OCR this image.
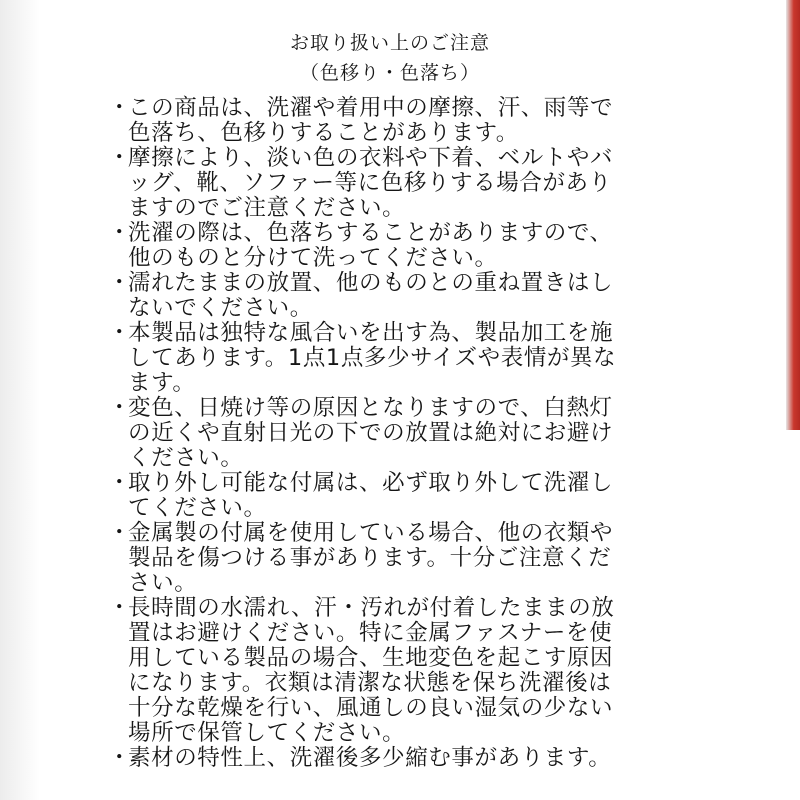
お取り扱い上のご注意
（色移り・色落ち）
・
この商品は、洗濯や着用中の摩擦、汗、雨等で
色落ち、色移りすることがあります。
・
摩擦により、淡い色の衣料や下着、ベルトやバ
ッグ、靴、ソファー等に色移りする場合があり
ますのでご注意ください。
・
洗濯の際は、色落ちすることがありますので、
他のものと分けて洗ってください。
・
濡れたままの放置、他のものとの重ね置きはし
ないでください。
・
本製品は独特な風合いを出す為、製品加工を施
してあります。1点1点多少サイズや表情が異な
ます。
・
変色、日焼け等の原因となりますので、白熱灯
の近くや直射日光の下での放置は絶対にお避け
ください。
・
取り外し可能な付属は、必ず取り外して洗濯し
てください。
・
金属製の付属を使用している場合、他の衣類や
製品を傷つける事があります。十分ご注意くだ
さい。
・
長時間の水濡れ、汗・汚れが付着したままの放
置はお避けください。特に金属ファスナーを使
用している製品の場合、生地変色を起こす原因
になります。衣類は清潔な状態を保ち洗濯後は
十分な乾燥を行い、風通しの良い湿気の少ない
場所で保管してください。
・
素材の特性上、洗濯後多少縮む事があります。
